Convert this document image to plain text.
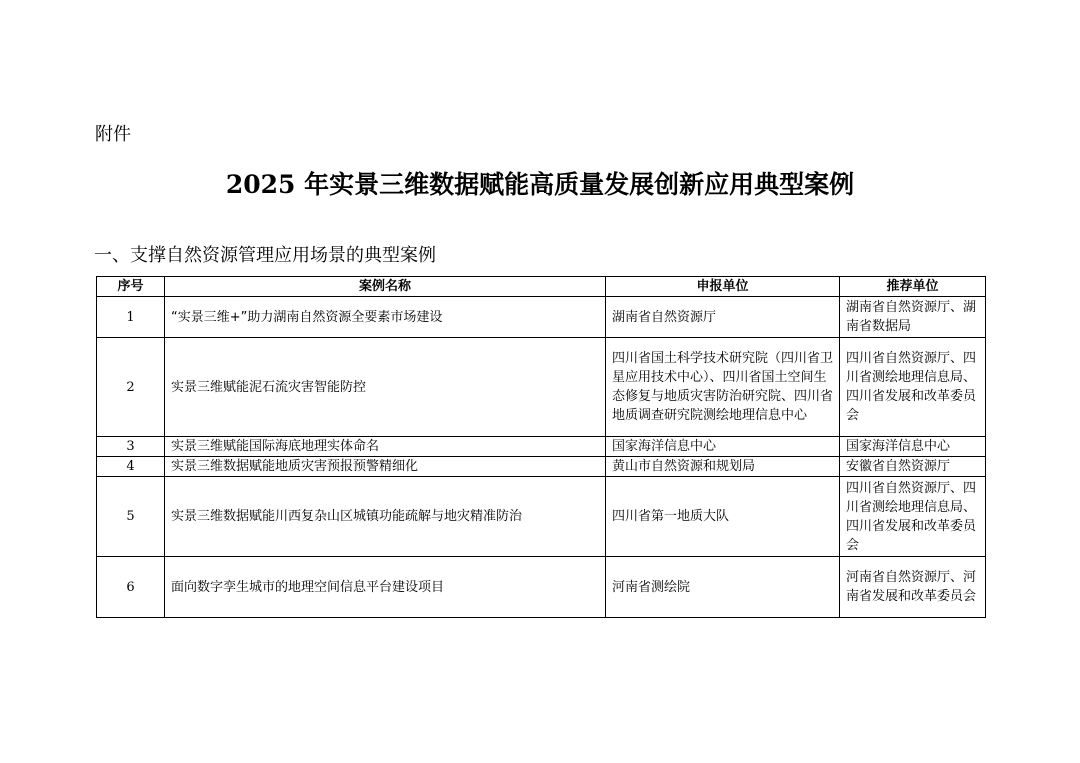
附件
2025 年实景三维数据赋能高质量发展创新应用典型案例
一、支撑自然资源管理应用场景的典型案例
序号	案例名称	申报单位	推荐单位
1	“实景三维+”助力湖南自然资源全要素市场建设	湖南省自然资源厅	湖南省自然资源厅、湖南省数据局
2	实景三维赋能泥石流灾害智能防控	四川省国土科学技术研究院（四川省卫星应用技术中心）、四川省国土空间生态修复与地质灾害防治研究院、四川省地质调查研究院测绘地理信息中心	四川省自然资源厅、四川省测绘地理信息局、四川省发展和改革委员会
3	实景三维赋能国际海底地理实体命名	国家海洋信息中心	国家海洋信息中心
4	实景三维数据赋能地质灾害预报预警精细化	黄山市自然资源和规划局	安徽省自然资源厅
5	实景三维数据赋能川西复杂山区城镇功能疏解与地灾精准防治	四川省第一地质大队	四川省自然资源厅、四川省测绘地理信息局、四川省发展和改革委员会
6	面向数字孪生城市的地理空间信息平台建设项目	河南省测绘院	河南省自然资源厅、河南省发展和改革委员会
